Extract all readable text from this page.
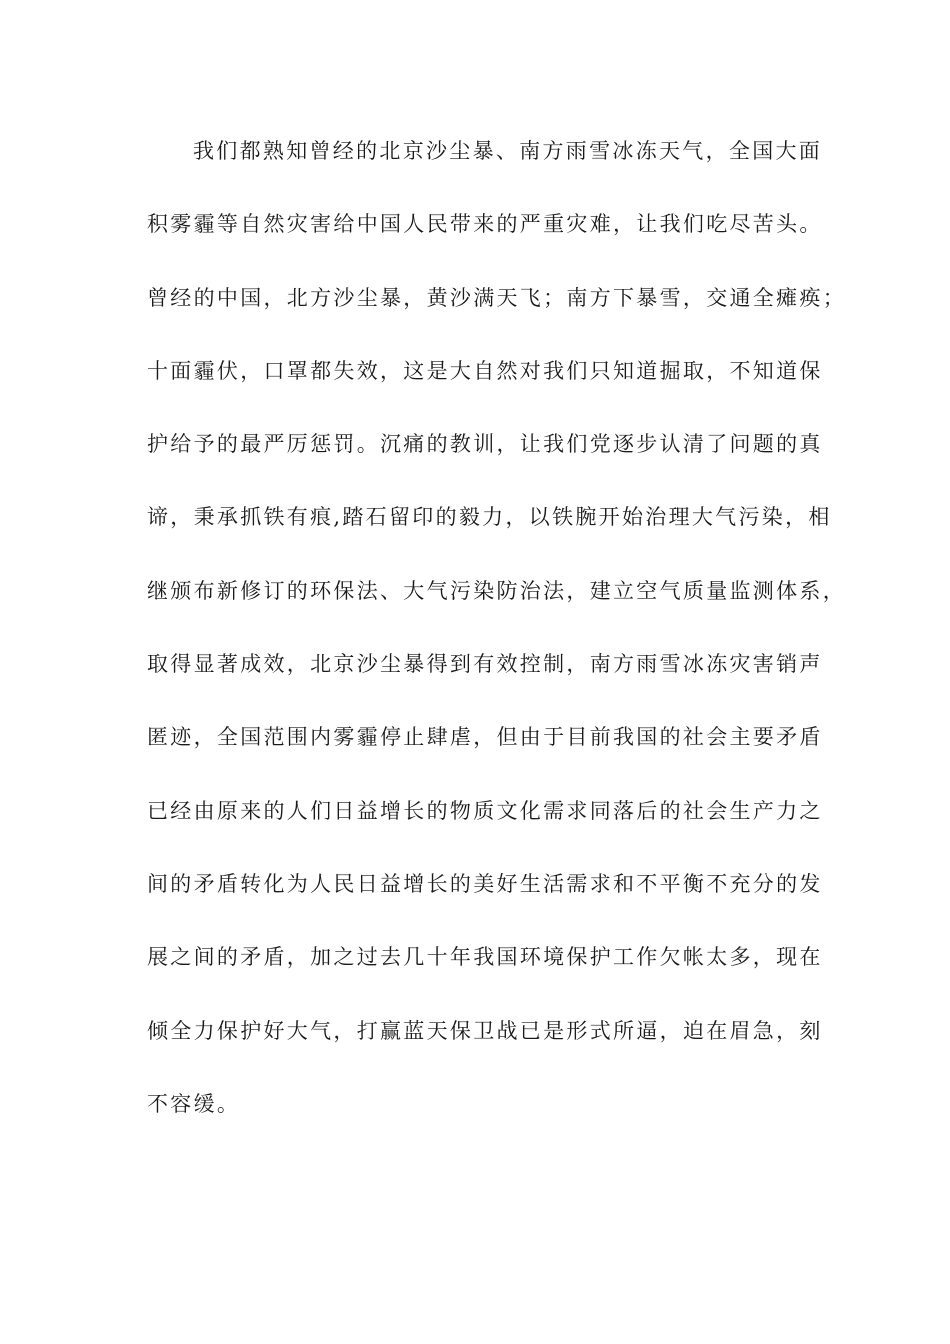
我们都熟知曾经的北京沙尘暴、南方雨雪冰冻天气，全国大面
积雾霾等自然灾害给中国人民带来的严重灾难，让我们吃尽苦头。
曾经的中国，北方沙尘暴，黄沙满天飞；南方下暴雪，交通全瘫痪；
十面霾伏，口罩都失效，这是大自然对我们只知道掘取，不知道保
护给予的最严厉惩罚。沉痛的教训，让我们党逐步认清了问题的真
谛，秉承抓铁有痕,踏石留印的毅力，以铁腕开始治理大气污染，相
继颁布新修订的环保法、大气污染防治法，建立空气质量监测体系，
取得显著成效，北京沙尘暴得到有效控制，南方雨雪冰冻灾害销声
匿迹，全国范围内雾霾停止肆虐，但由于目前我国的社会主要矛盾
已经由原来的人们日益增长的物质文化需求同落后的社会生产力之
间的矛盾转化为人民日益增长的美好生活需求和不平衡不充分的发
展之间的矛盾，加之过去几十年我国环境保护工作欠帐太多，现在
倾全力保护好大气，打赢蓝天保卫战已是形式所逼，迫在眉急，刻
不容缓。
